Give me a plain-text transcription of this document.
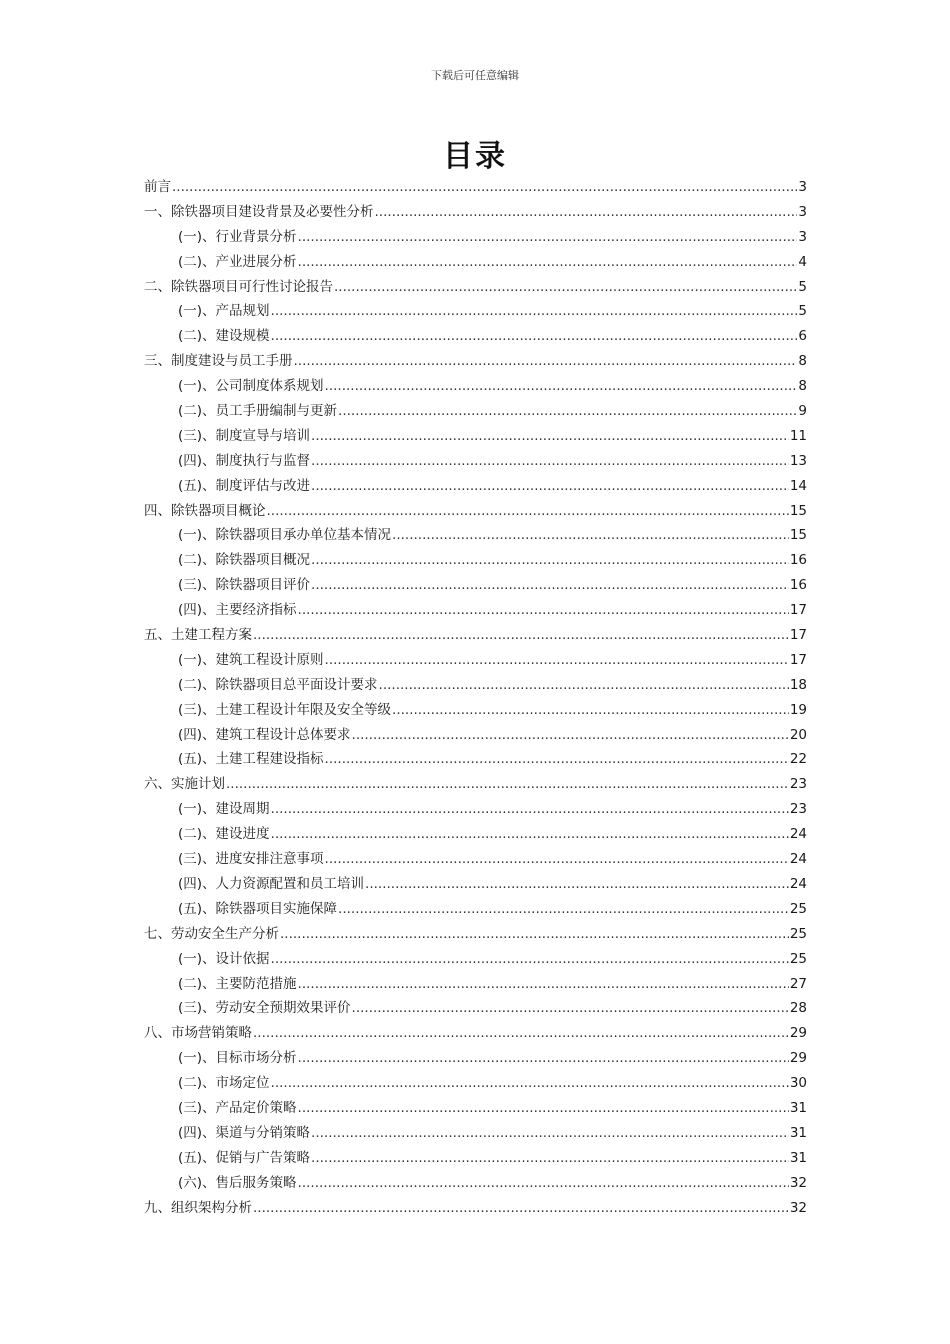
下载后可任意编辑
目录
前言 .....	3
一、除铁器项目建设背景及必要性分析 .....	3
(一)、行业背景分析 .....	3
(二)、产业进展分析 .....	4
二、除铁器项目可行性讨论报告 .....	5
(一)、产品规划 .....	5
(二)、建设规模 .....	6
三、制度建设与员工手册 .....	8
(一)、公司制度体系规划 .....	8
(二)、员工手册编制与更新 .....	9
(三)、制度宣导与培训 .....	11
(四)、制度执行与监督 .....	13
(五)、制度评估与改进 .....	14
四、除铁器项目概论 .....	15
(一)、除铁器项目承办单位基本情况 .....	15
(二)、除铁器项目概况 .....	16
(三)、除铁器项目评价 .....	16
(四)、主要经济指标 .....	17
五、土建工程方案 .....	17
(一)、建筑工程设计原则 .....	17
(二)、除铁器项目总平面设计要求 .....	18
(三)、土建工程设计年限及安全等级 .....	19
(四)、建筑工程设计总体要求 .....	20
(五)、土建工程建设指标 .....	22
六、实施计划 .....	23
(一)、建设周期 .....	23
(二)、建设进度 .....	24
(三)、进度安排注意事项 .....	24
(四)、人力资源配置和员工培训 .....	24
(五)、除铁器项目实施保障 .....	25
七、劳动安全生产分析 .....	25
(一)、设计依据 .....	25
(二)、主要防范措施 .....	27
(三)、劳动安全预期效果评价 .....	28
八、市场营销策略 .....	29
(一)、目标市场分析 .....	29
(二)、市场定位 .....	30
(三)、产品定价策略 .....	31
(四)、渠道与分销策略 .....	31
(五)、促销与广告策略 .....	31
(六)、售后服务策略 .....	32
九、组织架构分析 .....	32
